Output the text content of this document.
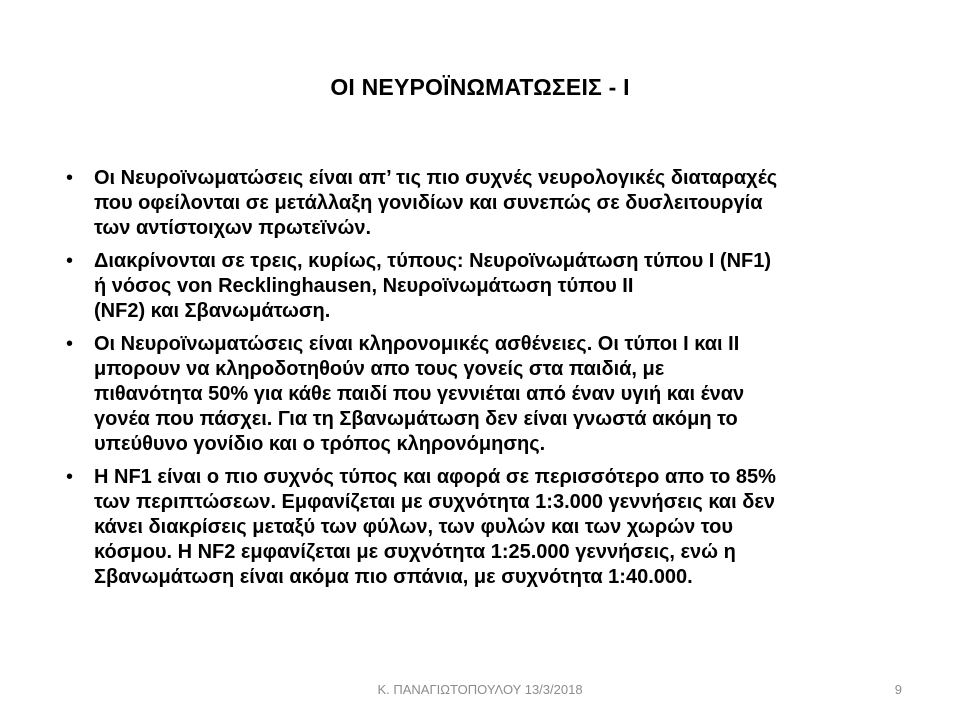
ΟΙ ΝΕΥΡΟΪΝΩΜΑΤΩΣΕΙΣ - Ι
• Οι Νευροϊνωματώσεις είναι απ’ τις πιο συχνές νευρολογικές διαταραχές
που οφείλονται σε μετάλλαξη γονιδίων και συνεπώς σε δυσλειτουργία
των αντίστοιχων πρωτεϊνών.
• Διακρίνονται σε τρεις, κυρίως, τύπους: Νευροϊνωμάτωση τύπου Ι (NF1)
ή νόσος von Recklinghausen, Νευροϊνωμάτωση τύπου ΙΙ
(NF2) και Σβανωμάτωση.
• Οι Νευροϊνωματώσεις είναι κληρονομικές ασθένειες. Οι τύποι Ι και ΙΙ
μπορουν να κληροδοτηθούν απο τους γονείς στα παιδιά, με
πιθανότητα 50% για κάθε παιδί που γεννιέται από έναν υγιή και έναν
γονέα που πάσχει. Για τη Σβανωμάτωση δεν είναι γνωστά ακόμη το
υπεύθυνο γονίδιο και ο τρόπος κληρονόμησης.
• Η NF1 είναι ο πιο συχνός τύπος και αφορά σε περισσότερο απο το 85%
των περιπτώσεων. Εμφανίζεται με συχνότητα 1:3.000 γεννήσεις και δεν
κάνει διακρίσεις μεταξύ των φύλων, των φυλών και των χωρών του
κόσμου. Η NF2 εμφανίζεται με συχνότητα 1:25.000 γεννήσεις, ενώ η
Σβανωμάτωση είναι ακόμα πιο σπάνια, με συχνότητα 1:40.000.
Κ. ΠΑΝΑΓΙΩΤΟΠΟΥΛΟΥ 13/3/2018	9
